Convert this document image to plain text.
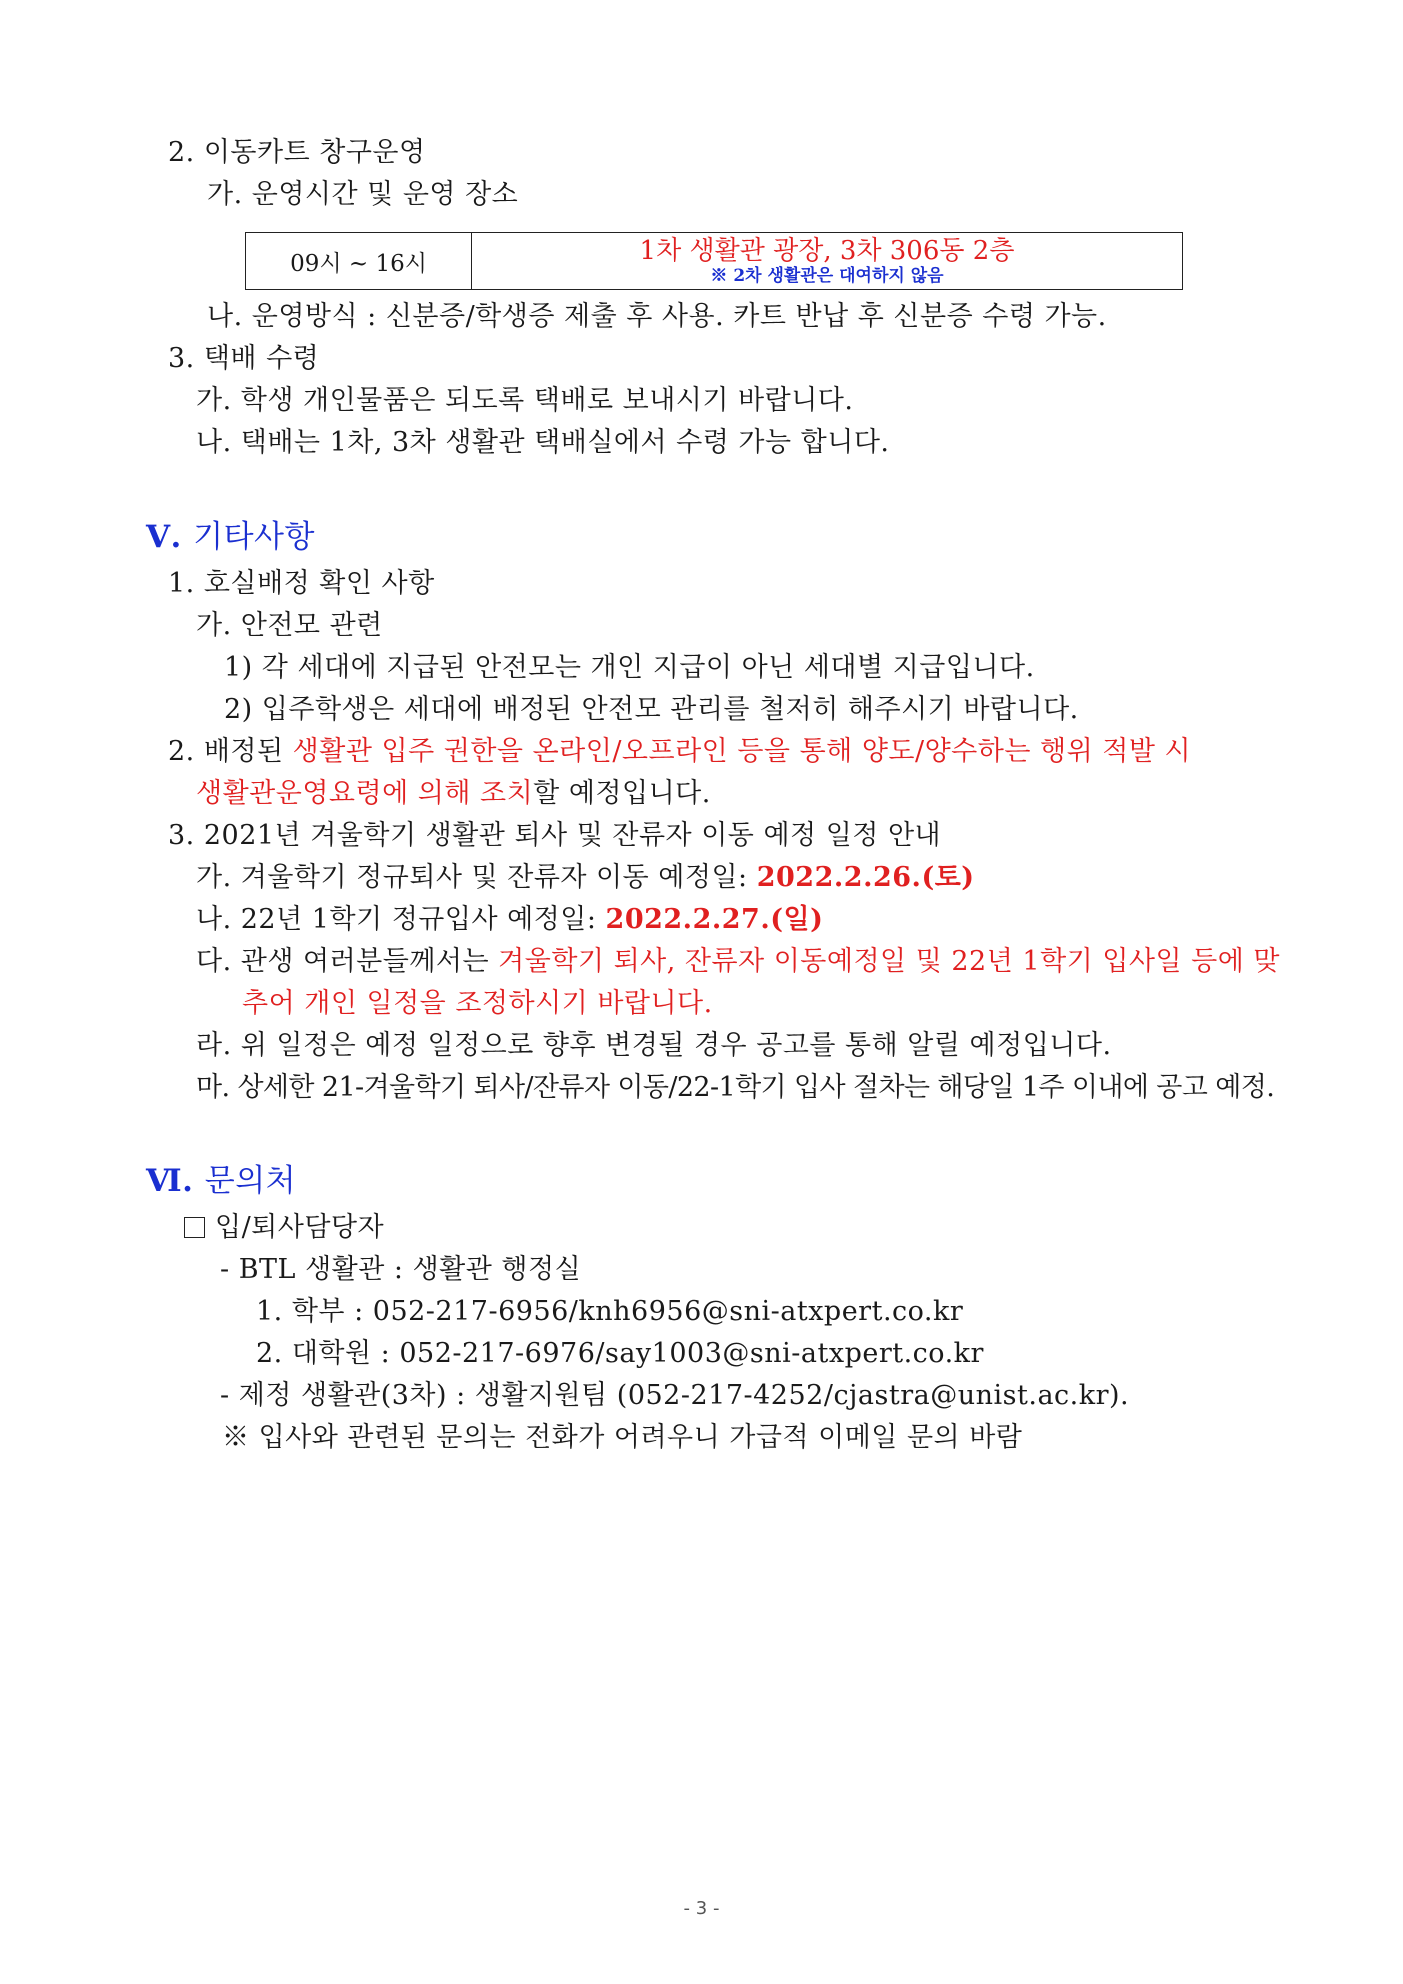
2. 이동카트 창구운영
가. 운영시간 및 운영 장소
09시 ~ 16시	1차 생활관 광장, 3차 306동 2층
※ 2차 생활관은 대여하지 않음
나. 운영방식 : 신분증/학생증 제출 후 사용. 카트 반납 후 신분증 수령 가능.
3. 택배 수령
가. 학생 개인물품은 되도록 택배로 보내시기 바랍니다.
나. 택배는 1차, 3차 생활관 택배실에서 수령 가능 합니다.
Ⅴ. 기타사항
1. 호실배정 확인 사항
가. 안전모 관련
1) 각 세대에 지급된 안전모는 개인 지급이 아닌 세대별 지급입니다.
2) 입주학생은 세대에 배정된 안전모 관리를 철저히 해주시기 바랍니다.
2. 배정된 생활관 입주 권한을 온라인/오프라인 등을 통해 양도/양수하는 행위 적발 시
생활관운영요령에 의해 조치할 예정입니다.
3. 2021년 겨울학기 생활관 퇴사 및 잔류자 이동 예정 일정 안내
가. 겨울학기 정규퇴사 및 잔류자 이동 예정일: 2022.2.26.(토)
나. 22년 1학기 정규입사 예정일: 2022.2.27.(일)
다. 관생 여러분들께서는 겨울학기 퇴사, 잔류자 이동예정일 및 22년 1학기 입사일 등에 맞
추어 개인 일정을 조정하시기 바랍니다.
라. 위 일정은 예정 일정으로 향후 변경될 경우 공고를 통해 알릴 예정입니다.
마. 상세한 21-겨울학기 퇴사/잔류자 이동/22-1학기 입사 절차는 해당일 1주 이내에 공고 예정.
Ⅵ. 문의처
입/퇴사담당자
- BTL 생활관 : 생활관 행정실
1. 학부 : 052-217-6956/knh6956@sni-atxpert.co.kr
2. 대학원 : 052-217-6976/say1003@sni-atxpert.co.kr
- 제정 생활관(3차) : 생활지원팀 (052-217-4252/cjastra@unist.ac.kr).
※ 입사와 관련된 문의는 전화가 어려우니 가급적 이메일 문의 바람
- 3 -
